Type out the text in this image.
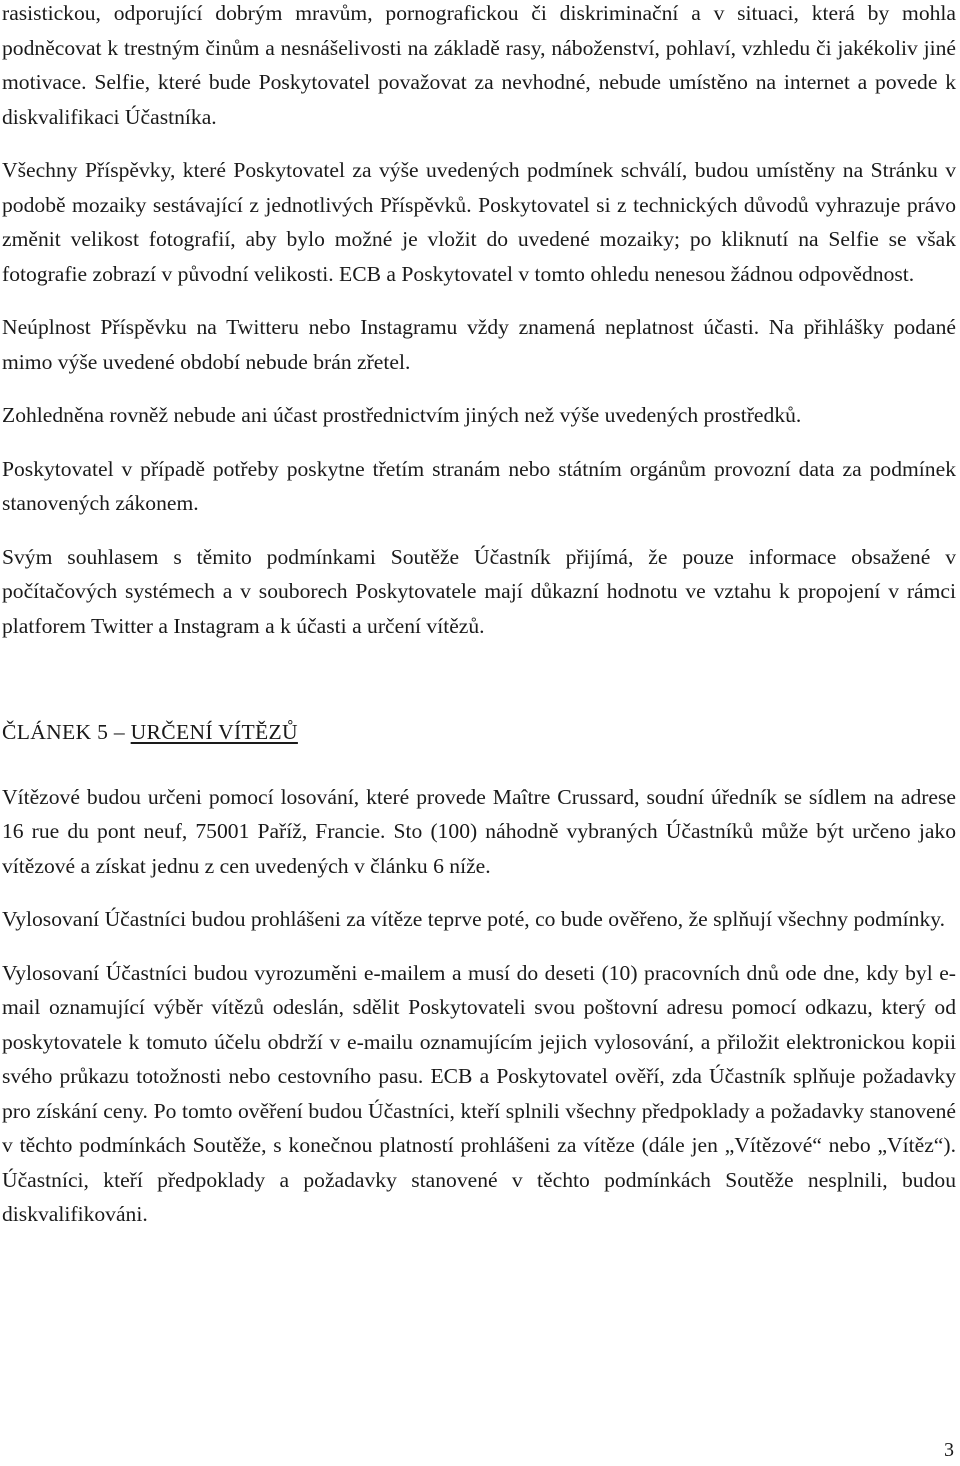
rasistickou, odporující dobrým mravům, pornografickou či diskriminační a v situaci, která by mohla podněcovat k trestným činům a nesnášelivosti na základě rasy, náboženství, pohlaví, vzhledu či jakékoliv jiné motivace. Selfie, které bude Poskytovatel považovat za nevhodné, nebude umístěno na internet a povede k diskvalifikaci Účastníka.

Všechny Příspěvky, které Poskytovatel za výše uvedených podmínek schválí, budou umístěny na Stránku v podobě mozaiky sestávající z jednotlivých Příspěvků. Poskytovatel si z technických důvodů vyhrazuje právo změnit velikost fotografií, aby bylo možné je vložit do uvedené mozaiky; po kliknutí na Selfie se však fotografie zobrazí v původní velikosti. ECB a Poskytovatel v tomto ohledu nenesou žádnou odpovědnost.

Neúplnost Příspěvku na Twitteru nebo Instagramu vždy znamená neplatnost účasti. Na přihlášky podané mimo výše uvedené období nebude brán zřetel.

Zohledněna rovněž nebude ani účast prostřednictvím jiných než výše uvedených prostředků.

Poskytovatel v případě potřeby poskytne třetím stranám nebo státním orgánům provozní data za podmínek stanovených zákonem.

Svým souhlasem s těmito podmínkami Soutěže Účastník přijímá, že pouze informace obsažené v počítačových systémech a v souborech Poskytovatele mají důkazní hodnotu ve vztahu k propojení v rámci platforem Twitter a Instagram a k účasti a určení vítězů.

ČLÁNEK 5 – URČENÍ VÍTĚZŮ

Vítězové budou určeni pomocí losování, které provede Maître Crussard, soudní úředník se sídlem na adrese 16 rue du pont neuf, 75001 Paříž, Francie. Sto (100) náhodně vybraných Účastníků může být určeno jako vítězové a získat jednu z cen uvedených v článku 6 níže.

Vylosovaní Účastníci budou prohlášeni za vítěze teprve poté, co bude ověřeno, že splňují všechny podmínky.

Vylosovaní Účastníci budou vyrozuměni e-mailem a musí do deseti (10) pracovních dnů ode dne, kdy byl e-mail oznamující výběr vítězů odeslán, sdělit Poskytovateli svou poštovní adresu pomocí odkazu, který od poskytovatele k tomuto účelu obdrží v e-mailu oznamujícím jejich vylosování, a přiložit elektronickou kopii svého průkazu totožnosti nebo cestovního pasu. ECB a Poskytovatel ověří, zda Účastník splňuje požadavky pro získání ceny. Po tomto ověření budou Účastníci, kteří splnili všechny předpoklady a požadavky stanovené v těchto podmínkách Soutěže, s konečnou platností prohlášeni za vítěze (dále jen „Vítězové“ nebo „Vítěz“). Účastníci, kteří předpoklady a požadavky stanovené v těchto podmínkách Soutěže nesplnili, budou diskvalifikováni.

3
